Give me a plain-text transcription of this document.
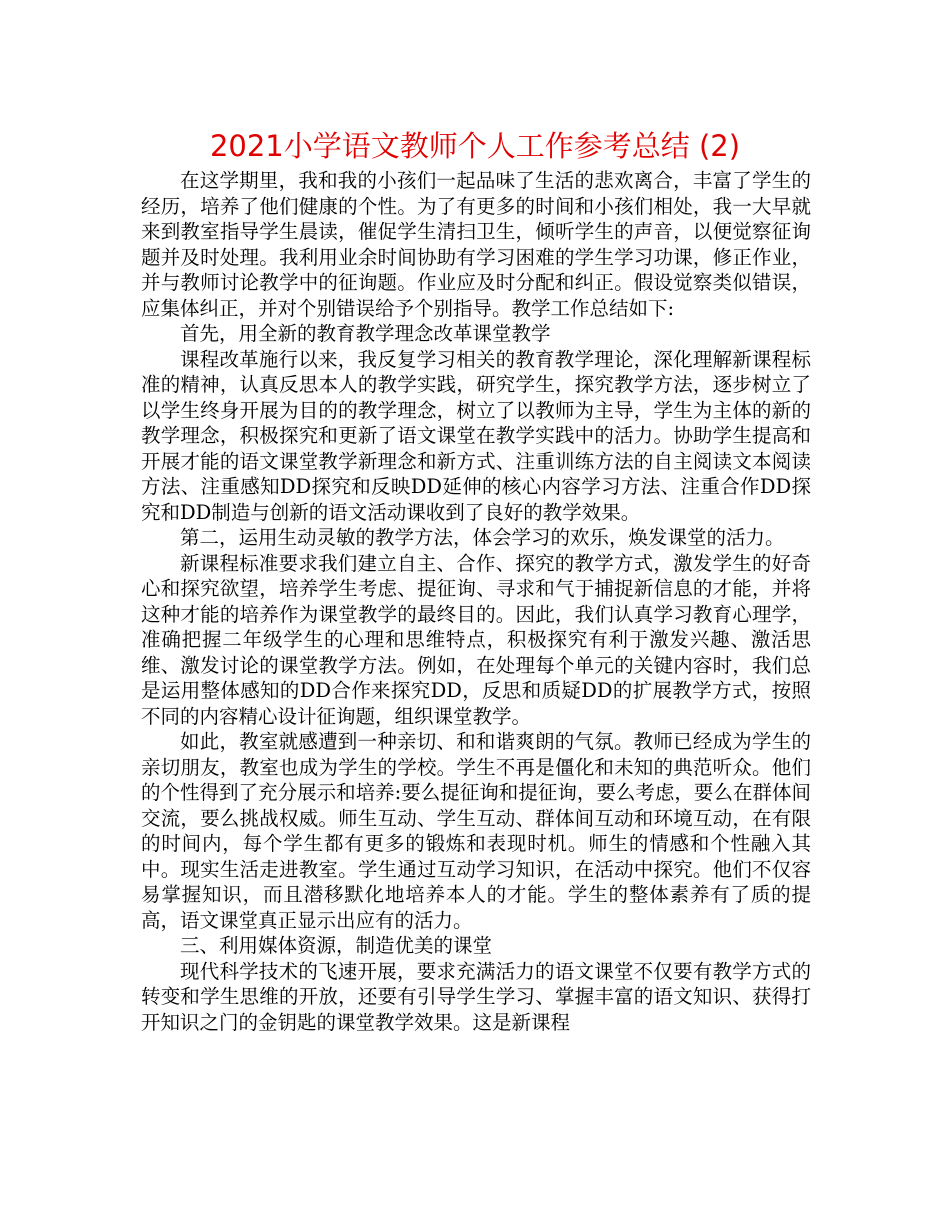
2021小学语文教师个人工作参考总结 (2)

在这学期里，我和我的小孩们一起品味了生活的悲欢离合，丰富了学生的经历，培养了他们健康的个性。为了有更多的时间和小孩们相处，我一大早就来到教室指导学生晨读，催促学生清扫卫生，倾听学生的声音，以便觉察征询题并及时处理。我利用业余时间协助有学习困难的学生学习功课，修正作业，并与教师讨论教学中的征询题。作业应及时分配和纠正。假设觉察类似错误，应集体纠正，并对个别错误给予个别指导。教学工作总结如下:

首先，用全新的教育教学理念改革课堂教学

课程改革施行以来，我反复学习相关的教育教学理论，深化理解新课程标准的精神，认真反思本人的教学实践，研究学生，探究教学方法，逐步树立了以学生终身开展为目的的教学理念，树立了以教师为主导，学生为主体的新的教学理念，积极探究和更新了语文课堂在教学实践中的活力。协助学生提高和开展才能的语文课堂教学新理念和新方式、注重训练方法的自主阅读文本阅读方法、注重感知DD探究和反映DD延伸的核心内容学习方法、注重合作DD探究和DD制造与创新的语文活动课收到了良好的教学效果。

第二，运用生动灵敏的教学方法，体会学习的欢乐，焕发课堂的活力。

新课程标准要求我们建立自主、合作、探究的教学方式，激发学生的好奇心和探究欲望，培养学生考虑、提征询、寻求和气于捕捉新信息的才能，并将这种才能的培养作为课堂教学的最终目的。因此，我们认真学习教育心理学，准确把握二年级学生的心理和思维特点，积极探究有利于激发兴趣、激活思维、激发讨论的课堂教学方法。例如，在处理每个单元的关键内容时，我们总是运用整体感知的DD合作来探究DD，反思和质疑DD的扩展教学方式，按照不同的内容精心设计征询题，组织课堂教学。

如此，教室就感遭到一种亲切、和和谐爽朗的气氛。教师已经成为学生的亲切朋友，教室也成为学生的学校。学生不再是僵化和未知的典范听众。他们的个性得到了充分展示和培养:要么提征询和提征询，要么考虑，要么在群体间交流，要么挑战权威。师生互动、学生互动、群体间互动和环境互动，在有限的时间内，每个学生都有更多的锻炼和表现时机。师生的情感和个性融入其中。现实生活走进教室。学生通过互动学习知识，在活动中探究。他们不仅容易掌握知识，而且潜移默化地培养本人的才能。学生的整体素养有了质的提高，语文课堂真正显示出应有的活力。

三、利用媒体资源，制造优美的课堂

现代科学技术的飞速开展，要求充满活力的语文课堂不仅要有教学方式的转变和学生思维的开放，还要有引导学生学习、掌握丰富的语文知识、获得打开知识之门的金钥匙的课堂教学效果。这是新课程
